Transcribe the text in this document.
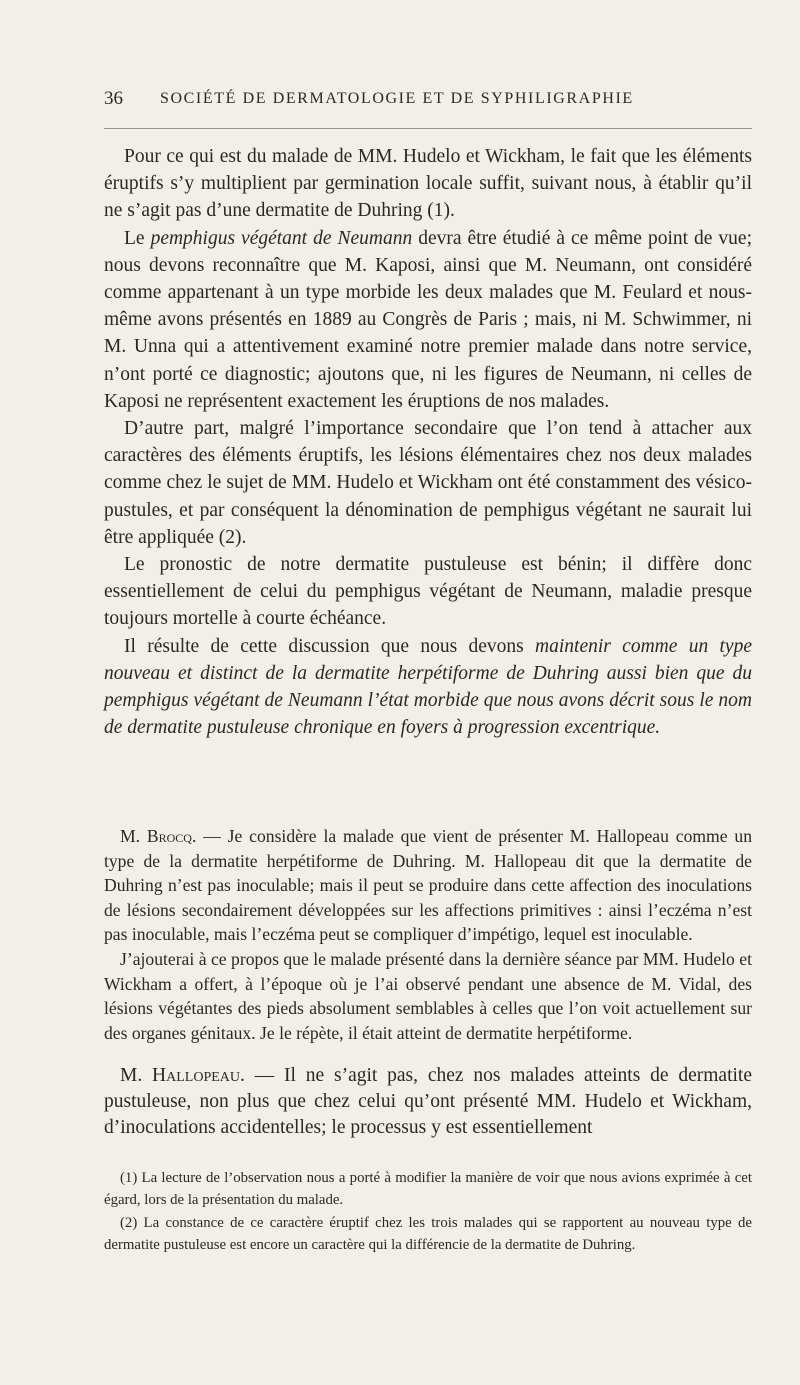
36 SOCIÉTÉ DE DERMATOLOGIE ET DE SYPHILIGRAPHIE

Pour ce qui est du malade de MM. Hudelo et Wickham, le fait que les éléments éruptifs s’y multiplient par germination locale suffit, suivant nous, à établir qu’il ne s’agit pas d’une dermatite de Duhring (1).

Le pemphigus végétant de Neumann devra être étudié à ce même point de vue; nous devons reconnaître que M. Kaposi, ainsi que M. Neumann, ont considéré comme appartenant à un type morbide les deux malades que M. Feulard et nous-même avons présentés en 1889 au Congrès de Paris ; mais, ni M. Schwimmer, ni M. Unna qui a attentivement examiné notre premier malade dans notre service, n’ont porté ce diagnostic; ajoutons que, ni les figures de Neumann, ni celles de Kaposi ne représentent exactement les éruptions de nos malades.

D’autre part, malgré l’importance secondaire que l’on tend à attacher aux caractères des éléments éruptifs, les lésions élémentaires chez nos deux malades comme chez le sujet de MM. Hudelo et Wickham ont été constamment des vésico-pustules, et par conséquent la dénomination de pemphigus végétant ne saurait lui être appliquée (2).

Le pronostic de notre dermatite pustuleuse est bénin; il diffère donc essentiellement de celui du pemphigus végétant de Neumann, maladie presque toujours mortelle à courte échéance.

Il résulte de cette discussion que nous devons maintenir comme un type nouveau et distinct de la dermatite herpétiforme de Duhring aussi bien que du pemphigus végétant de Neumann l’état morbide que nous avons décrit sous le nom de dermatite pustuleuse chronique en foyers à progression excentrique.

M. Brocq. — Je considère la malade que vient de présenter M. Hallopeau comme un type de la dermatite herpétiforme de Duhring. M. Hallopeau dit que la dermatite de Duhring n’est pas inoculable; mais il peut se produire dans cette affection des inoculations de lésions secondairement développées sur les affections primitives : ainsi l’eczéma n’est pas inoculable, mais l’eczéma peut se compliquer d’impétigo, lequel est inoculable.

J’ajouterai à ce propos que le malade présenté dans la dernière séance par MM. Hudelo et Wickham a offert, à l’époque où je l’ai observé pendant une absence de M. Vidal, des lésions végétantes des pieds absolument semblables à celles que l’on voit actuellement sur des organes génitaux. Je le répète, il était atteint de dermatite herpétiforme.

M. Hallopeau. — Il ne s’agit pas, chez nos malades atteints de dermatite pustuleuse, non plus que chez celui qu’ont présenté MM. Hudelo et Wickham, d’inoculations accidentelles; le processus y est essentiellement

(1) La lecture de l’observation nous a porté à modifier la manière de voir que nous avions exprimée à cet égard, lors de la présentation du malade.

(2) La constance de ce caractère éruptif chez les trois malades qui se rapportent au nouveau type de dermatite pustuleuse est encore un caractère qui la différencie de la dermatite de Duhring.
